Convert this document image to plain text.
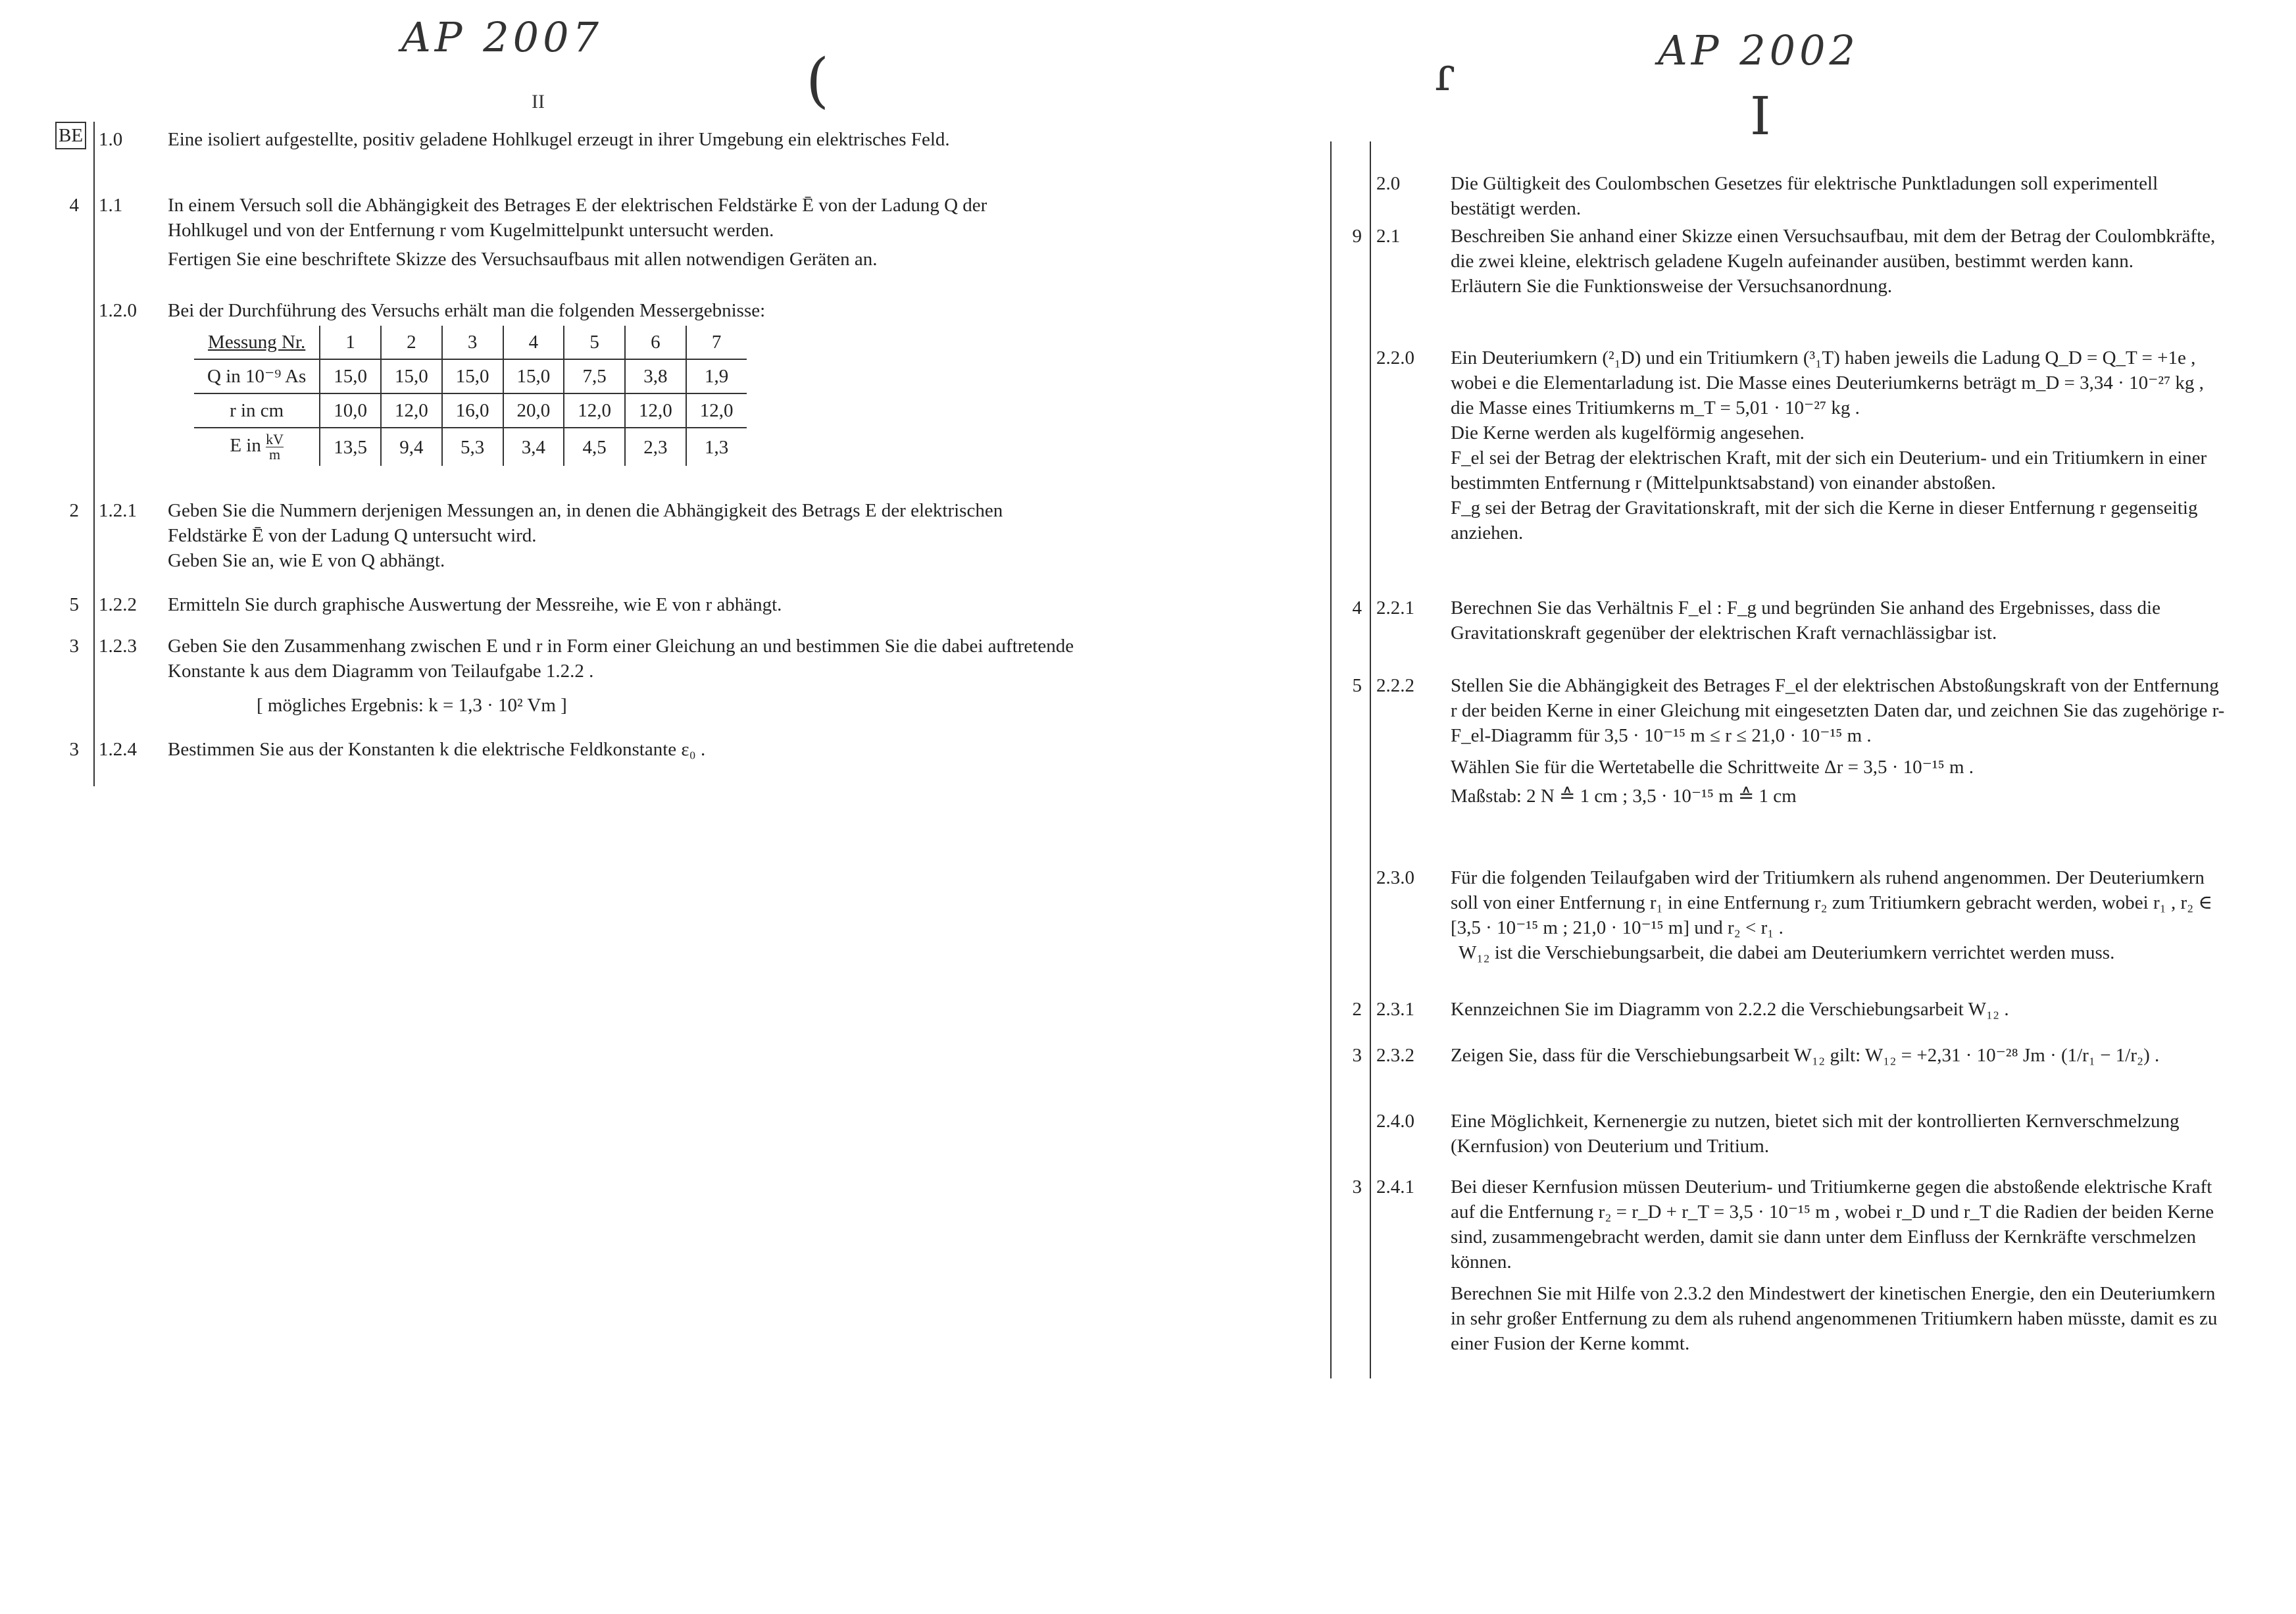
AP 2007
(
II
BE 1.0 Eine isoliert aufgestellte, positiv geladene Hohlkugel erzeugt in ihrer Umgebung ein elektrisches Feld.
4 1.1 In einem Versuch soll die Abhängigkeit des Betrages E der elektrischen Feldstärke Ē von der Ladung Q der Hohlkugel und von der Entfernung r vom Kugelmittelpunkt untersucht werden.

Fertigen Sie eine beschriftete Skizze des Versuchsaufbaus mit allen notwendigen Geräten an.

1.2.0 Bei der Durchführung des Versuchs erhält man die folgenden Messergebnisse:
Messung Nr.	1	2	3	4	5	6	7
Q in 10⁻⁹ As	15,0	15,0	15,0	15,0	7,5	3,8	1,9
r in cm	10,0	12,0	16,0	20,0	12,0	12,0	12,0
E in $\frac{kV}{m}$	13,5	9,4	5,3	3,4	4,5	2,3	1,3
2 1.2.1 Geben Sie die Nummern derjenigen Messungen an, in denen die Abhängigkeit des Betrags E der elektrischen Feldstärke Ē von der Ladung Q untersucht wird.

Geben Sie an, wie E von Q abhängt.

5 1.2.2 Ermitteln Sie durch graphische Auswertung der Messreihe, wie E von r abhängt.
3 1.2.3 Geben Sie den Zusammenhang zwischen E und r in Form einer Gleichung an und bestimmen Sie die dabei auftretende Konstante k aus dem Diagramm von Teilaufgabe 1.2.2 .

[ mögliches Ergebnis: k = 1,3 · 10² Vm ]

3 1.2.4 Bestimmen Sie aus der Konstanten k die elektrische Feldkonstante ε₀ .
ɾ	AP 2002
I
2.0	Die Gültigkeit des Coulombschen Gesetzes für elektrische Punktladungen soll experimentell bestätigt werden.
9 2.1	Beschreiben Sie anhand einer Skizze einen Versuchsaufbau, mit dem der Betrag der Coulombkräfte, die zwei kleine, elektrisch geladene Kugeln aufeinander ausüben, bestimmt werden kann.

Erläutern Sie die Funktionsweise der Versuchsanordnung.

2.2.0 Ein Deuteriumkern (²₁D) und ein Tritiumkern (³₁T) haben jeweils die Ladung Q_D = Q_T = +1e , wobei e die Elementarladung ist. Die Masse eines Deuteriumkerns beträgt m_D = 3,34 · 10⁻²⁷ kg , die Masse eines Tritiumkerns m_T = 5,01 · 10⁻²⁷ kg .

Die Kerne werden als kugelförmig angesehen.

F_el sei der Betrag der elektrischen Kraft, mit der sich ein Deuterium- und ein Tritiumkern in einer bestimmten Entfernung r (Mittelpunktsabstand) von einander abstoßen.

F_g sei der Betrag der Gravitationskraft, mit der sich die Kerne in dieser Entfernung r gegenseitig anziehen.

4 2.2.1 Berechnen Sie das Verhältnis F_el : F_g und begründen Sie anhand des Ergebnisses, dass die Gravitationskraft gegenüber der elektrischen Kraft vernachlässigbar ist.
5 2.2.2 Stellen Sie die Abhängigkeit des Betrages F_el der elektrischen Abstoßungskraft von der Entfernung r der beiden Kerne in einer Gleichung mit eingesetzten Daten dar, und zeichnen Sie das zugehörige r-F_el-Diagramm für 3,5 · 10⁻¹⁵ m ≤ r ≤ 21,0 · 10⁻¹⁵ m .

Wählen Sie für die Wertetabelle die Schrittweite Δr = 3,5 · 10⁻¹⁵ m .

Maßstab: 2 N ≙ 1 cm ; 3,5 · 10⁻¹⁵ m ≙ 1 cm

2.3.0 Für die folgenden Teilaufgaben wird der Tritiumkern als ruhend angenommen. Der Deuteriumkern soll von einer Entfernung r₁ in eine Entfernung r₂ zum Tritiumkern gebracht werden, wobei r₁ , r₂ ∈ [3,5 · 10⁻¹⁵ m ; 21,0 · 10⁻¹⁵ m] und r₂ < r₁ .

W₁₂ ist die Verschiebungsarbeit, die dabei am Deuteriumkern verrichtet werden muss.

2 2.3.1 Kennzeichnen Sie im Diagramm von 2.2.2 die Verschiebungsarbeit W₁₂ .
3 2.3.2 Zeigen Sie, dass für die Verschiebungsarbeit W₁₂ gilt: W₁₂ = +2,31 · 10⁻²⁸ Jm · (1/r₁ − 1/r₂) .
2.4.0 Eine Möglichkeit, Kernenergie zu nutzen, bietet sich mit der kontrollierten Kernverschmelzung (Kernfusion) von Deuterium und Tritium.
3 2.4.1 Bei dieser Kernfusion müssen Deuterium- und Tritiumkerne gegen die abstoßende elektrische Kraft auf die Entfernung r₂ = r_D + r_T = 3,5 · 10⁻¹⁵ m , wobei r_D und r_T die Radien der beiden Kerne sind, zusammengebracht werden, damit sie dann unter dem Einfluss der Kernkräfte verschmelzen können.

Berechnen Sie mit Hilfe von 2.3.2 den Mindestwert der kinetischen Energie, den ein Deuteriumkern in sehr großer Entfernung zu dem als ruhend angenommenen Tritiumkern haben müsste, damit es zu einer Fusion der Kerne kommt.
